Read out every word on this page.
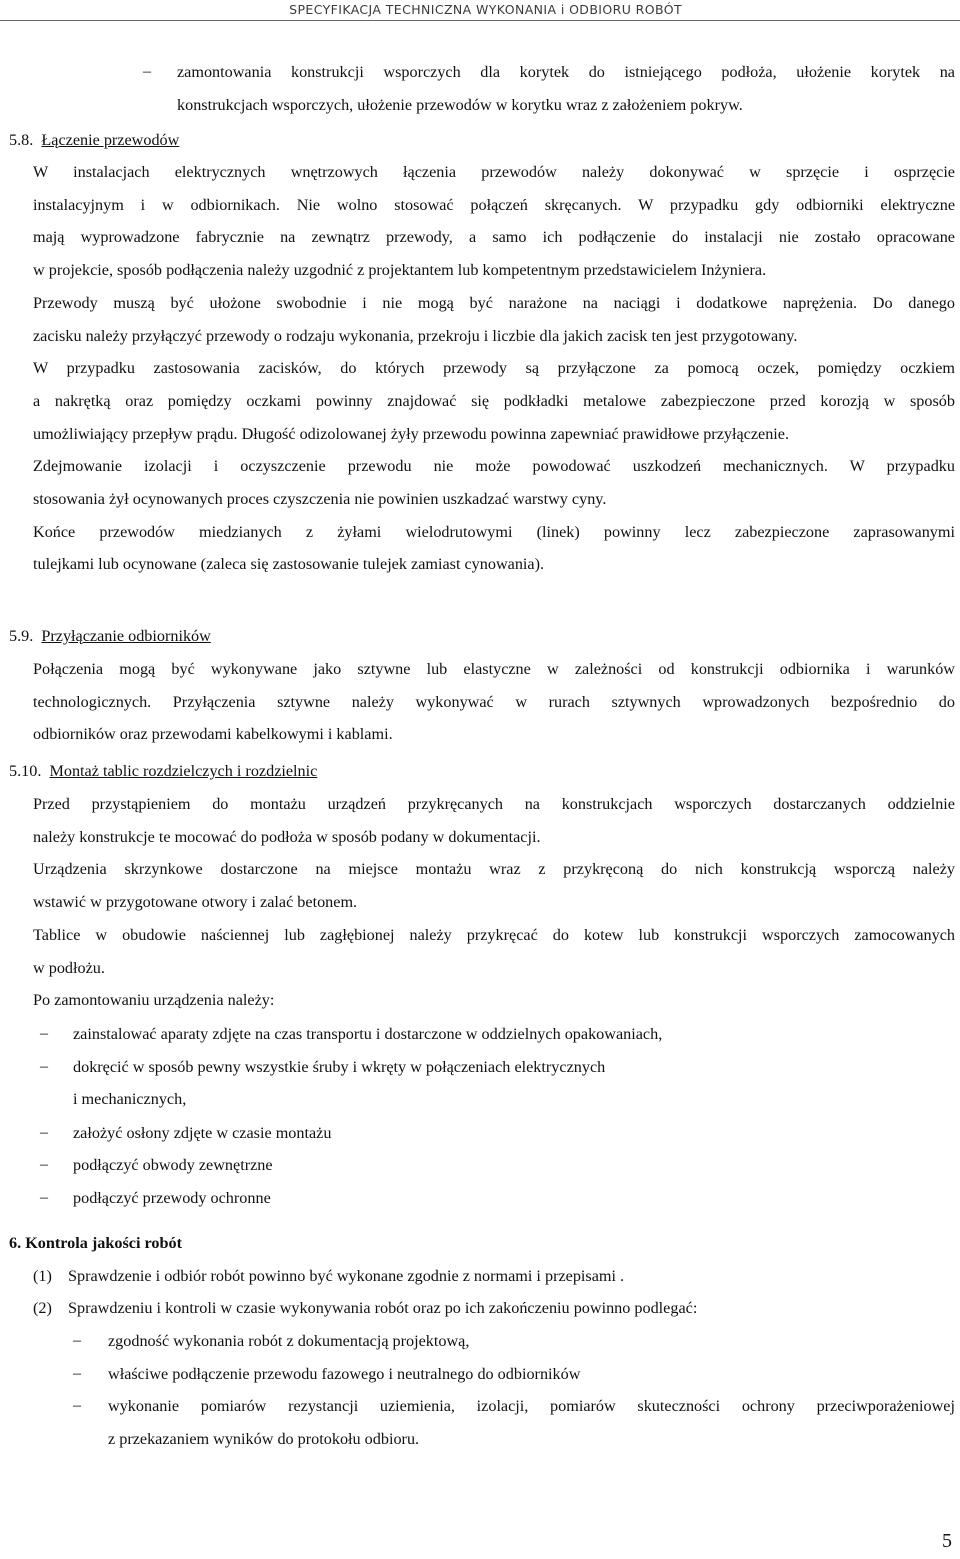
SPECYFIKACJA TECHNICZNA WYKONANIA i ODBIORU ROBÓT
– zamontowania konstrukcji wsporczych dla korytek do istniejącego podłoża, ułożenie korytek na
konstrukcjach wsporczych, ułożenie przewodów w korytku wraz z założeniem pokryw.
5.8. Łączenie przewodów
W instalacjach elektrycznych wnętrzowych łączenia przewodów należy dokonywać w sprzęcie i osprzęcie
instalacyjnym i w odbiornikach. Nie wolno stosować połączeń skręcanych. W przypadku gdy odbiorniki elektryczne
mają wyprowadzone fabrycznie na zewnątrz przewody, a samo ich podłączenie do instalacji nie zostało opracowane
w projekcie, sposób podłączenia należy uzgodnić z projektantem lub kompetentnym przedstawicielem Inżyniera.
Przewody muszą być ułożone swobodnie i nie mogą być narażone na naciągi i dodatkowe naprężenia. Do danego
zacisku należy przyłączyć przewody o rodzaju wykonania, przekroju i liczbie dla jakich zacisk ten jest przygotowany.
W przypadku zastosowania zacisków, do których przewody są przyłączone za pomocą oczek, pomiędzy oczkiem
a nakrętką oraz pomiędzy oczkami powinny znajdować się podkładki metalowe zabezpieczone przed korozją w sposób
umożliwiający przepływ prądu. Długość odizolowanej żyły przewodu powinna zapewniać prawidłowe przyłączenie.
Zdejmowanie izolacji i oczyszczenie przewodu nie może powodować uszkodzeń mechanicznych. W przypadku
stosowania żył ocynowanych proces czyszczenia nie powinien uszkadzać warstwy cyny.
Końce przewodów miedzianych z żyłami wielodrutowymi (linek) powinny lecz zabezpieczone zaprasowanymi
tulejkami lub ocynowane (zaleca się zastosowanie tulejek zamiast cynowania).
5.9. Przyłączanie odbiorników
Połączenia mogą być wykonywane jako sztywne lub elastyczne w zależności od konstrukcji odbiornika i warunków
technologicznych. Przyłączenia sztywne należy wykonywać w rurach sztywnych wprowadzonych bezpośrednio do
odbiorników oraz przewodami kabelkowymi i kablami.
5.10. Montaż tablic rozdzielczych i rozdzielnic
Przed przystąpieniem do montażu urządzeń przykręcanych na konstrukcjach wsporczych dostarczanych oddzielnie
należy konstrukcje te mocować do podłoża w sposób podany w dokumentacji.
Urządzenia skrzynkowe dostarczone na miejsce montażu wraz z przykręconą do nich konstrukcją wsporczą należy
wstawić w przygotowane otwory i zalać betonem.
Tablice w obudowie naściennej lub zagłębionej należy przykręcać do kotew lub konstrukcji wsporczych zamocowanych
w podłożu.
Po zamontowaniu urządzenia należy:
– zainstalować aparaty zdjęte na czas transportu i dostarczone w oddzielnych opakowaniach,
– dokręcić w sposób pewny wszystkie śruby i wkręty w połączeniach elektrycznych
i mechanicznych,
– założyć osłony zdjęte w czasie montażu
– podłączyć obwody zewnętrzne
– podłączyć przewody ochronne
6. Kontrola jakości robót
(1) Sprawdzenie i odbiór robót powinno być wykonane zgodnie z normami i przepisami .
(2) Sprawdzeniu i kontroli w czasie wykonywania robót oraz po ich zakończeniu powinno podlegać:
– zgodność wykonania robót z dokumentacją projektową,
– właściwe podłączenie przewodu fazowego i neutralnego do odbiorników
– wykonanie pomiarów rezystancji uziemienia, izolacji, pomiarów skuteczności ochrony przeciwporażeniowej
z przekazaniem wyników do protokołu odbioru.
5
